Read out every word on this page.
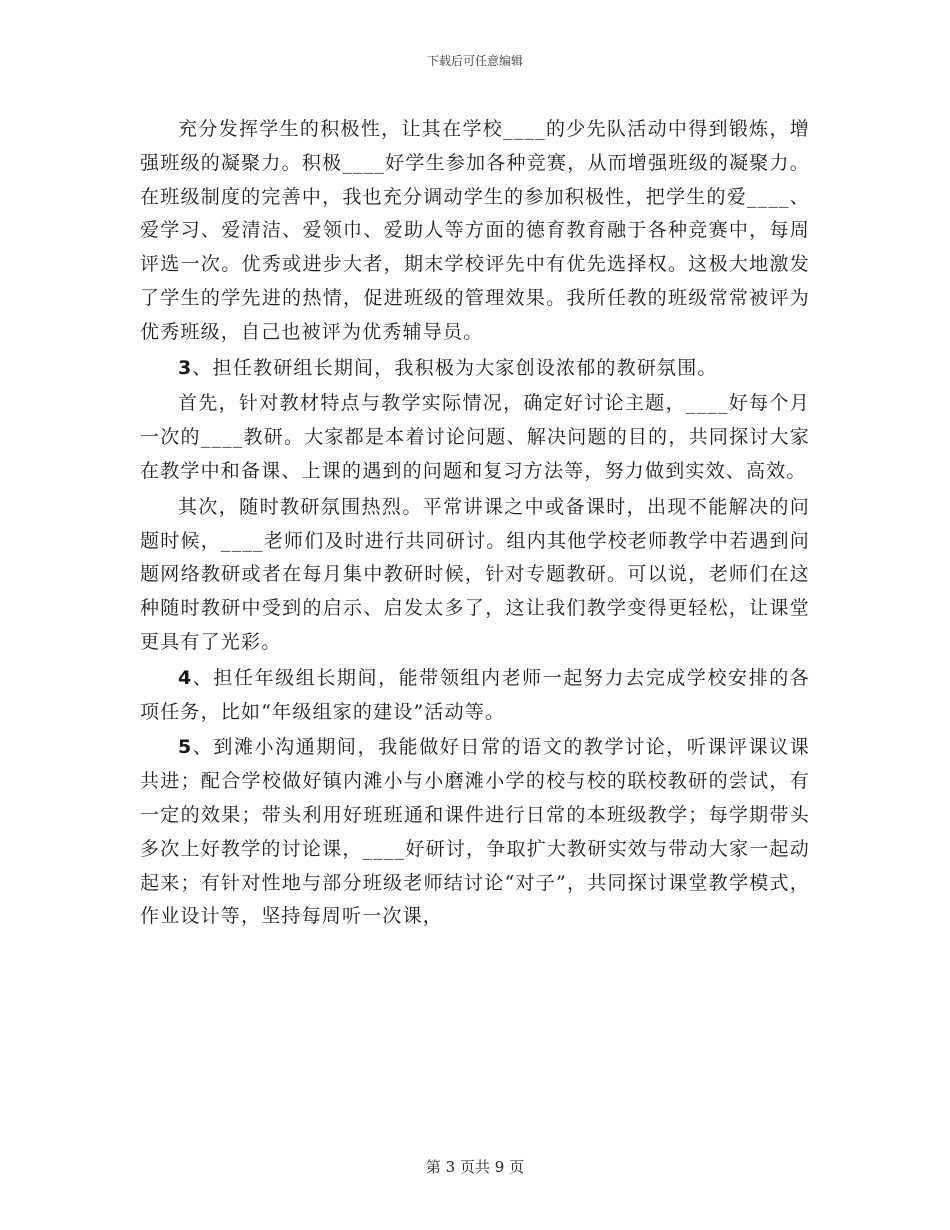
下载后可任意编辑

充分发挥学生的积极性，让其在学校____的少先队活动中得到锻炼，增强班级的凝聚力。积极____好学生参加各种竞赛，从而增强班级的凝聚力。在班级制度的完善中，我也充分调动学生的参加积极性，把学生的爱____、爱学习、爱清洁、爱领巾、爱助人等方面的德育教育融于各种竞赛中，每周评选一次。优秀或进步大者，期末学校评先中有优先选择权。这极大地激发了学生的学先进的热情，促进班级的管理效果。我所任教的班级常常被评为优秀班级，自己也被评为优秀辅导员。

3、担任教研组长期间，我积极为大家创设浓郁的教研氛围。

首先，针对教材特点与教学实际情况，确定好讨论主题，____好每个月一次的____教研。大家都是本着讨论问题、解决问题的目的，共同探讨大家在教学中和备课、上课的遇到的问题和复习方法等，努力做到实效、高效。

其次，随时教研氛围热烈。平常讲课之中或备课时，出现不能解决的问题时候，____老师们及时进行共同研讨。组内其他学校老师教学中若遇到问题网络教研或者在每月集中教研时候，针对专题教研。可以说，老师们在这种随时教研中受到的启示、启发太多了，这让我们教学变得更轻松，让课堂更具有了光彩。

4、担任年级组长期间，能带领组内老师一起努力去完成学校安排的各项任务，比如“年级组家的建设”活动等。

5、到滩小沟通期间，我能做好日常的语文的教学讨论，听课评课议课共进；配合学校做好镇内滩小与小磨滩小学的校与校的联校教研的尝试，有一定的效果；带头利用好班班通和课件进行日常的本班级教学；每学期带头多次上好教学的讨论课，____好研讨，争取扩大教研实效与带动大家一起动起来；有针对性地与部分班级老师结讨论“对子”，共同探讨课堂教学模式，作业设计等，坚持每周听一次课，

第 3 页共 9 页
